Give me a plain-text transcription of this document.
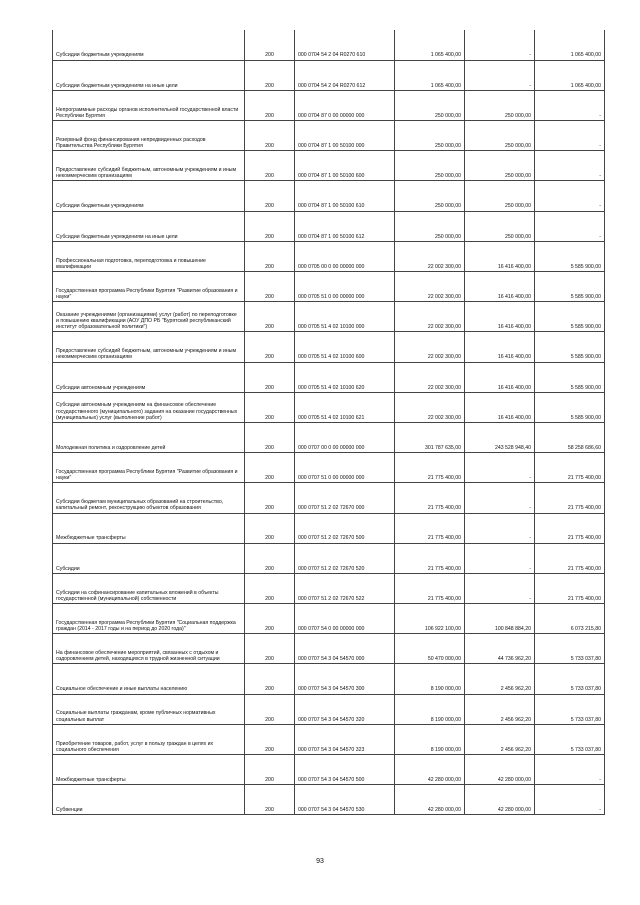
Субсидии бюджетным учреждениям	200	000 0704 54 2 04 R0270 610	1 065 400,00	-	1 065 400,00
Субсидии бюджетным учреждениям на иные цели	200	000 0704 54 2 04 R0270 612	1 065 400,00	-	1 065 400,00
Непрограммные расходы органов исполнительной государственной власти Республики Бурятия	200	000 0704 87 0 00 00000 000	250 000,00	250 000,00	-
Резервный фонд финансирования непредвиденных расходов Правительства Республики Бурятия	200	000 0704 87 1 00 50100 000	250 000,00	250 000,00	-
Предоставление субсидий бюджетным, автономным учреждениям и иным некоммерческим организациям	200	000 0704 87 1 00 50100 600	250 000,00	250 000,00	-
Субсидии бюджетным учреждениям	200	000 0704 87 1 00 50100 610	250 000,00	250 000,00	-
Субсидии бюджетным учреждениям на иные цели	200	000 0704 87 1 00 50100 612	250 000,00	250 000,00	-
Профессиональная подготовка, переподготовка и повышение квалификации	200	000 0705 00 0 00 00000 000	22 002 300,00	16 416 400,00	5 585 900,00
Государственная программа Республики Бурятия "Развитие образования и науки"	200	000 0705 51 0 00 00000 000	22 002 300,00	16 416 400,00	5 585 900,00
Оказание учреждениями (организациями) услуг (работ) по переподготовке и повышению квалификации (АОУ ДПО РБ "Бурятский республиканский институт образовательной политики")	200	000 0705 51 4 02 10100 000	22 002 300,00	16 416 400,00	5 585 900,00
Предоставление субсидий бюджетным, автономным учреждениям и иным некоммерческим организациям	200	000 0705 51 4 02 10100 600	22 002 300,00	16 416 400,00	5 585 900,00
Субсидии автономным учреждениям	200	000 0705 51 4 02 10100 620	22 002 300,00	16 416 400,00	5 585 900,00
Субсидии автономным учреждениям на финансовое обеспечение государственного (муниципального) задания на оказание государственных (муниципальных) услуг (выполнение работ)	200	000 0705 51 4 02 10100 621	22 002 300,00	16 416 400,00	5 585 900,00
Молодежная политика и оздоровление детей	200	000 0707 00 0 00 00000 000	301 787 635,00	243 528 948,40	58 258 686,60
Государственная программа Республики Бурятия "Развитие образования и науки"	200	000 0707 51 0 00 00000 000	21 775 400,00	-	21 775 400,00
Субсидии бюджетам муниципальных образований на строительство, капитальный ремонт, реконструкцию объектов образования	200	000 0707 51 2 02 72670 000	21 775 400,00	-	21 775 400,00
Межбюджетные трансферты	200	000 0707 51 2 02 72670 500	21 775 400,00	-	21 775 400,00
Субсидии	200	000 0707 51 2 02 72670 520	21 775 400,00	-	21 775 400,00
Субсидии на софинансирование капитальных вложений в объекты государственной (муниципальной) собственности	200	000 0707 51 2 02 72670 522	21 775 400,00	-	21 775 400,00
Государственная программа Республики Бурятия "Социальная поддержка граждан (2014 - 2017 годы и на период до 2020 года)"	200	000 0707 54 0 00 00000 000	106 922 100,00	100 848 884,20	6 073 215,80
На финансовое обеспечение мероприятий, связанных с отдыхом и оздоровлением детей, находящихся в трудной жизненной ситуации	200	000 0707 54 3 04 54570 000	50 470 000,00	44 736 962,20	5 733 037,80
Социальное обеспечение и иные выплаты населению	200	000 0707 54 3 04 54570 300	8 190 000,00	2 456 962,20	5 733 037,80
Социальные выплаты гражданам, кроме публичных нормативных социальных выплат	200	000 0707 54 3 04 54570 320	8 190 000,00	2 456 962,20	5 733 037,80
Приобретение товаров, работ, услуг в пользу граждан в целях их социального обеспечения	200	000 0707 54 3 04 54570 323	8 190 000,00	2 456 962,20	5 733 037,80
Межбюджетные трансферты	200	000 0707 54 3 04 54570 500	42 280 000,00	42 280 000,00	-
Субвенции	200	000 0707 54 3 04 54570 530	42 280 000,00	42 280 000,00	-
93
